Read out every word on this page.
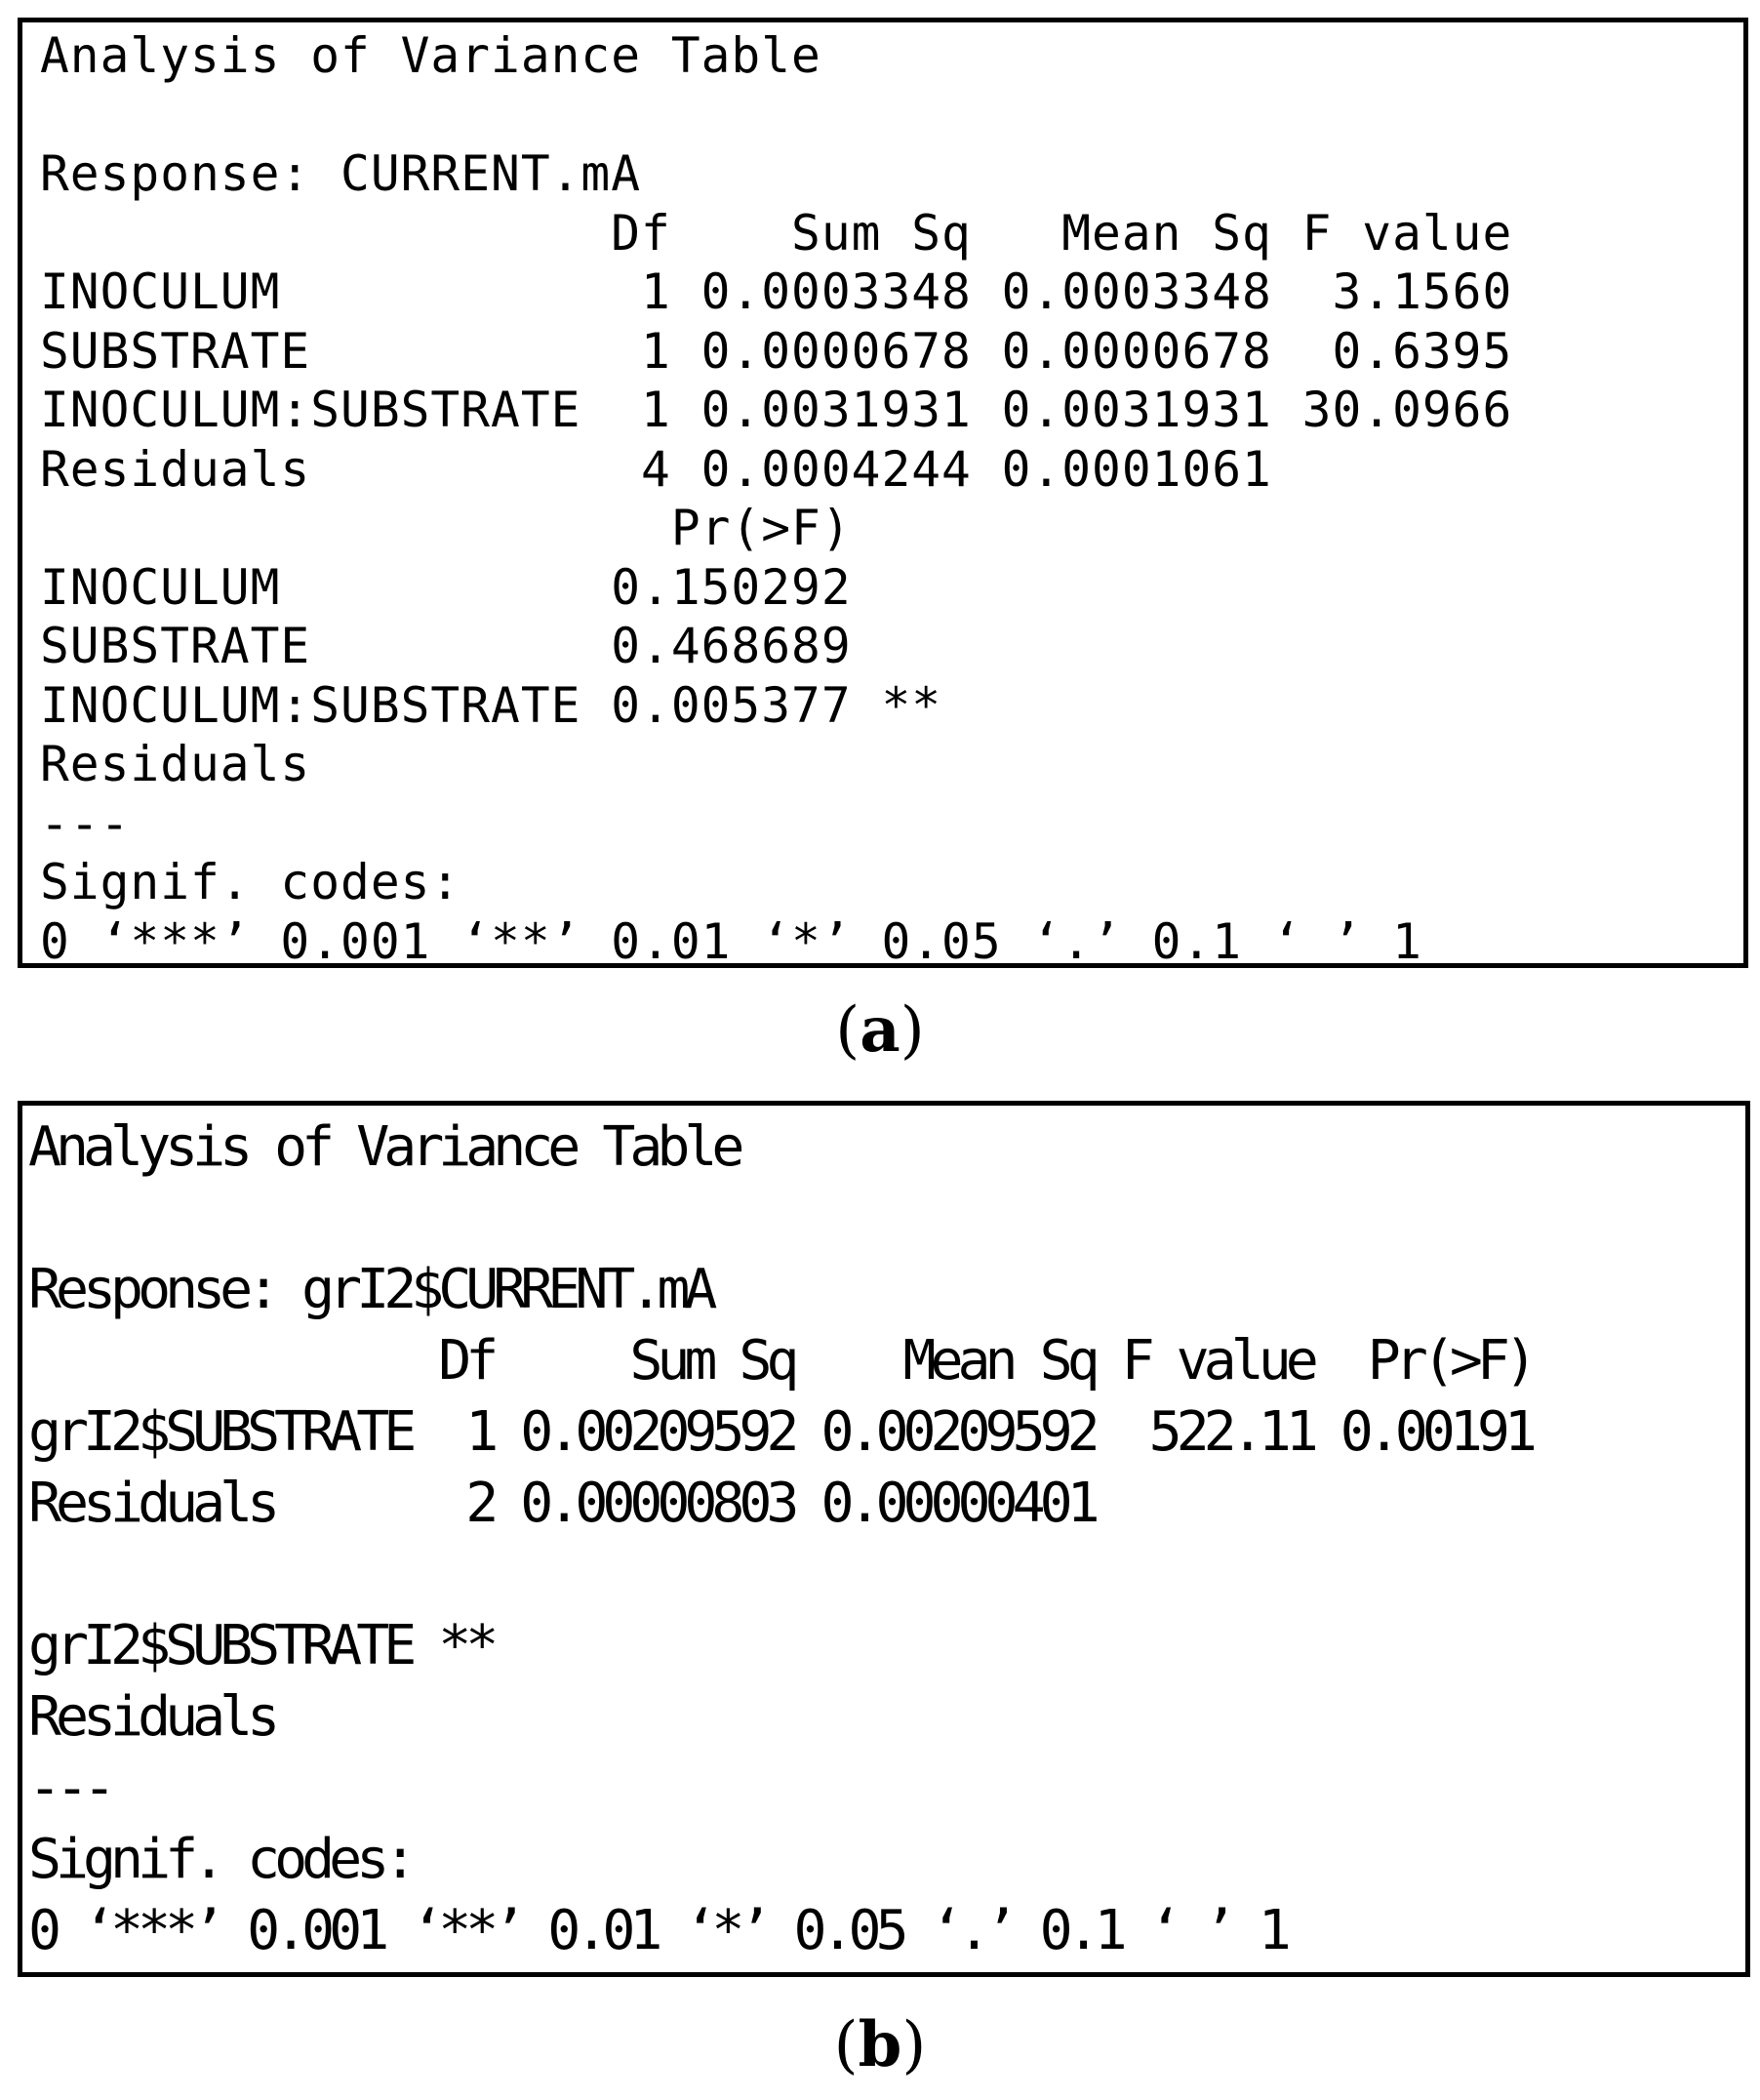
Analysis of Variance Table
Response: CURRENT.mA
Df    Sum Sq   Mean Sq F value
INOCULUM            1 0.0003348 0.0003348  3.1560
SUBSTRATE           1 0.0000678 0.0000678  0.6395
INOCULUM:SUBSTRATE  1 0.0031931 0.0031931 30.0966
Residuals           4 0.0004244 0.0001061
Pr(>F)
INOCULUM           0.150292
SUBSTRATE          0.468689
INOCULUM:SUBSTRATE 0.005377 **
Residuals
---
Signif. codes:
0 ‘***’ 0.001 ‘**’ 0.01 ‘*’ 0.05 ‘.’ 0.1 ‘ ’ 1
(a)
Analysis of Variance Table
Response: grI2$CURRENT.mA
Df     Sum Sq    Mean Sq F value  Pr(>F)
grI2$SUBSTRATE  1 0.00209592 0.00209592  522.11 0.00191
Residuals       2 0.00000803 0.00000401
grI2$SUBSTRATE **
Residuals
---
Signif. codes:
0 ‘***’ 0.001 ‘**’ 0.01 ‘*’ 0.05 ‘.’ 0.1 ‘ ’ 1
(b)
